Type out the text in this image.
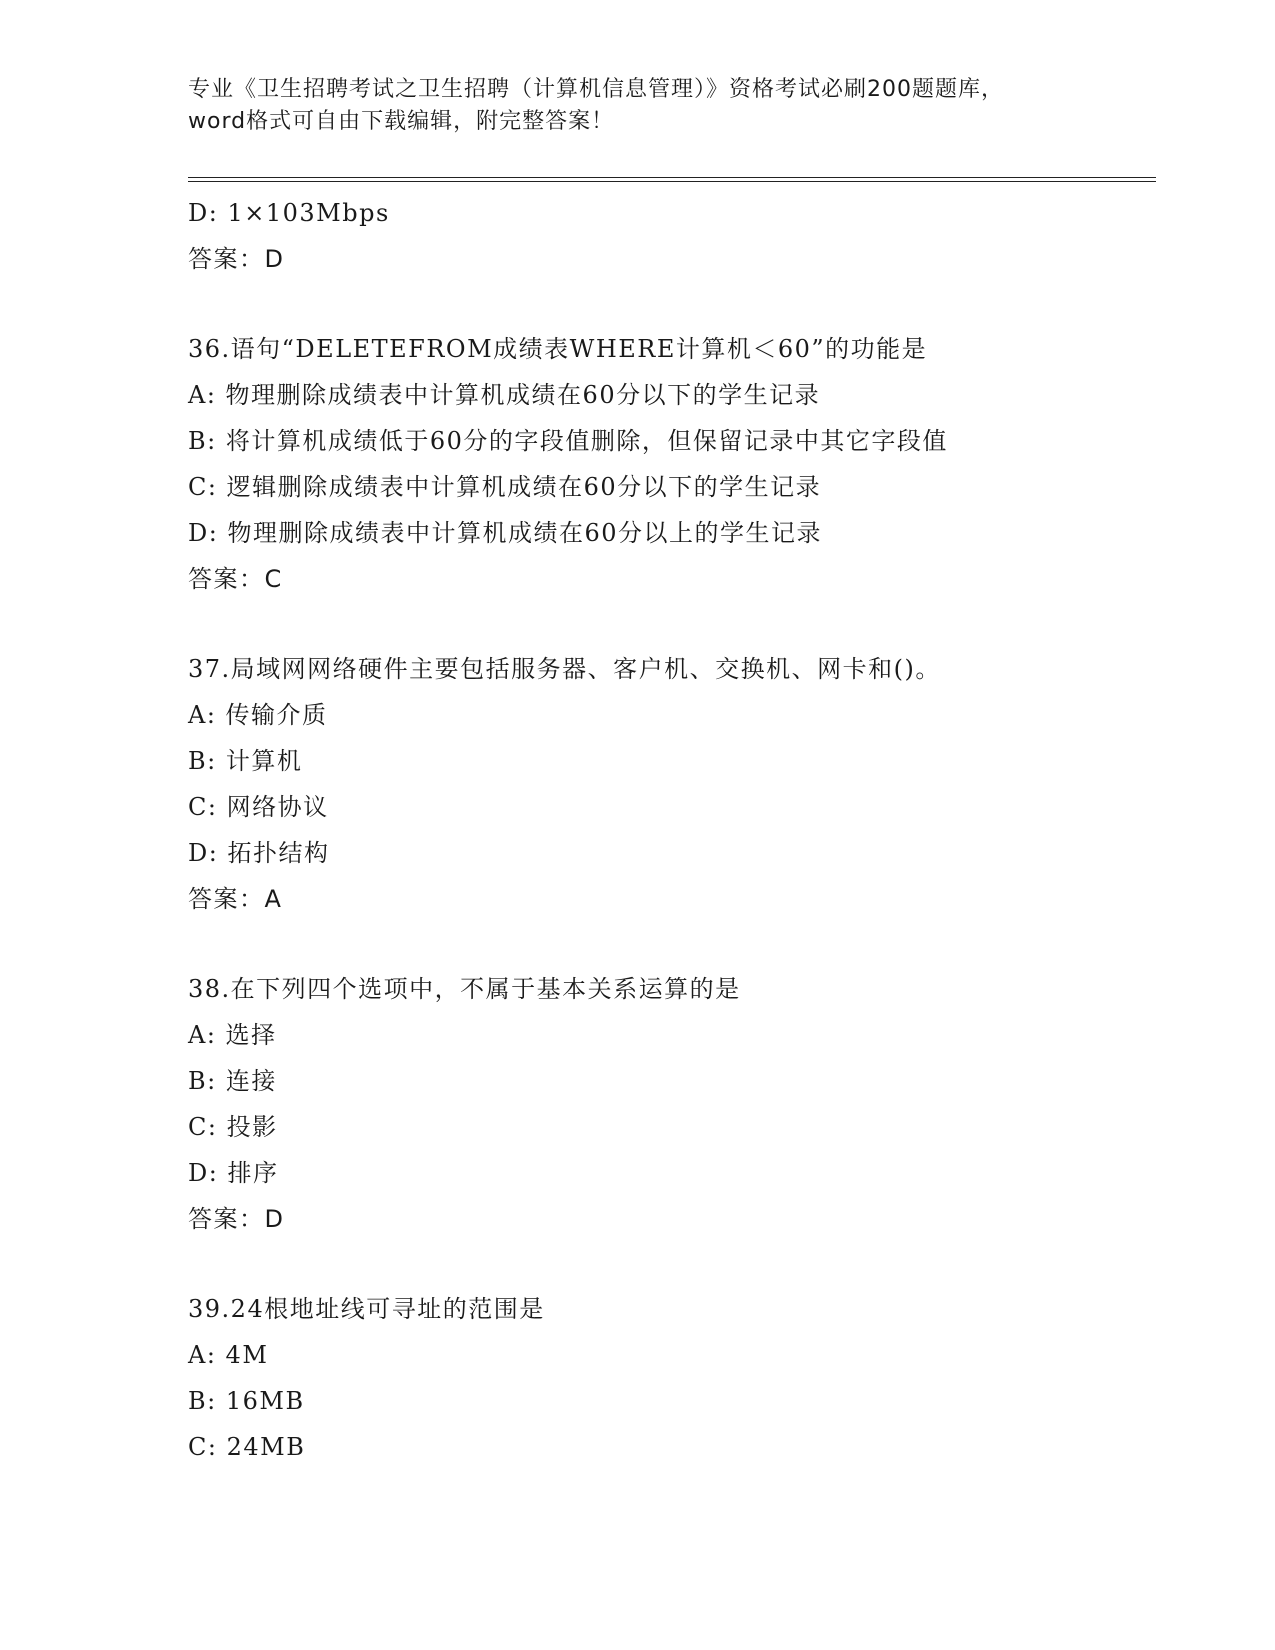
专业《卫生招聘考试之卫生招聘（计算机信息管理）》资格考试必刷200题题库，
word格式可自由下载编辑，附完整答案！
D: 1×103Mbps
答案：D
36.语句“DELETEFROM成绩表WHERE计算机＜60”的功能是
A: 物理删除成绩表中计算机成绩在60分以下的学生记录
B: 将计算机成绩低于60分的字段值删除，但保留记录中其它字段值
C: 逻辑删除成绩表中计算机成绩在60分以下的学生记录
D: 物理删除成绩表中计算机成绩在60分以上的学生记录
答案：C
37.局域网网络硬件主要包括服务器、客户机、交换机、网卡和()。
A: 传输介质
B: 计算机
C: 网络协议
D: 拓扑结构
答案：A
38.在下列四个选项中，不属于基本关系运算的是
A: 选择
B: 连接
C: 投影
D: 排序
答案：D
39.24根地址线可寻址的范围是
A: 4M
B: 16MB
C: 24MB
